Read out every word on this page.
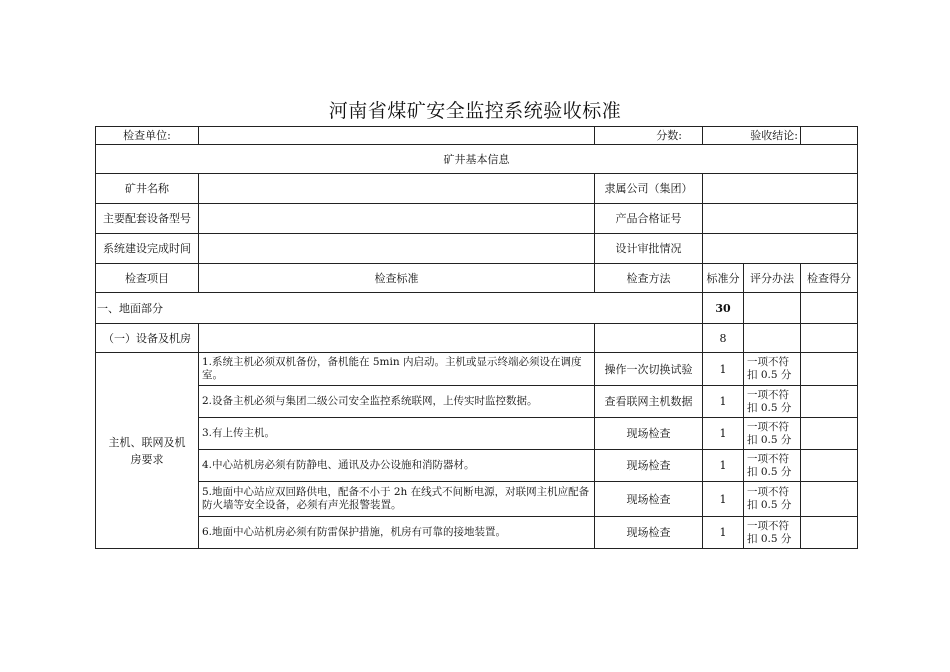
河南省煤矿安全监控系统验收标准
检查单位:		分数:	验收结论:		
矿井基本信息					
矿井名称		隶属公司（集团）			
主要配套设备型号		产品合格证号			
系统建设完成时间		设计审批情况			
检查项目	检查标准	检查方法	标准分	评分办法	检查得分
一、地面部分			30		
（一）设备及机房			8		
主机、联网及机房要求	1.系统主机必须双机备份，备机能在 5min 内启动。主机或显示终端必须设在调度室。	操作一次切换试验	1	一项不符扣 0.5 分	
	2.设备主机必须与集团二级公司安全监控系统联网，上传实时监控数据。	查看联网主机数据	1	一项不符扣 0.5 分	
	3.有上传主机。	现场检查	1	一项不符扣 0.5 分	
	4.中心站机房必须有防静电、通讯及办公设施和消防器材。	现场检查	1	一项不符扣 0.5 分	
	5.地面中心站应双回路供电，配备不小于 2h 在线式不间断电源，对联网主机应配备防火墙等安全设备，必须有声光报警装置。	现场检查	1	一项不符扣 0.5 分	
	6.地面中心站机房必须有防雷保护措施，机房有可靠的接地装置。	现场检查	1	一项不符扣 0.5 分	
